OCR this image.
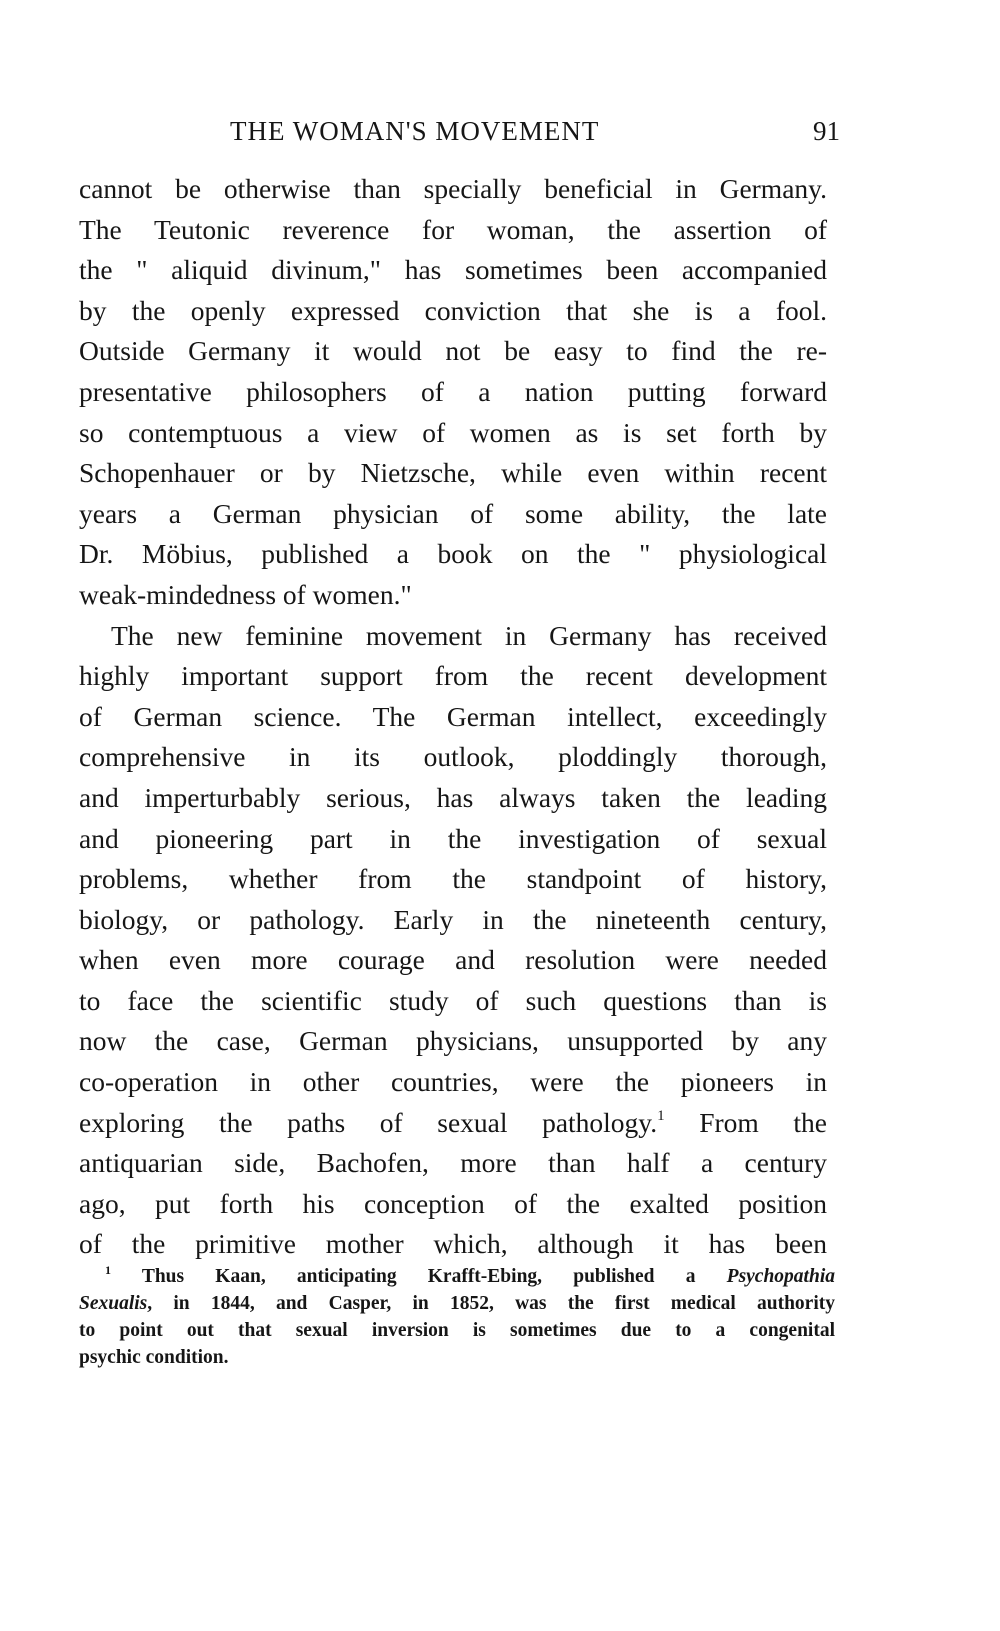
THE WOMAN'S MOVEMENT	91
cannot be otherwise than specially beneficial in Germany.
The Teutonic reverence for woman, the assertion of
the " aliquid divinum," has sometimes been accompanied
by the openly expressed conviction that she is a fool.
Outside Germany it would not be easy to find the re-
presentative philosophers of a nation putting forward
so contemptuous a view of women as is set forth by
Schopenhauer or by Nietzsche, while even within recent
years a German physician of some ability, the late
Dr. Möbius, published a book on the " physiological
weak-mindedness of women."
The new feminine movement in Germany has received
highly important support from the recent development
of German science. The German intellect, exceedingly
comprehensive in its outlook, ploddingly thorough,
and imperturbably serious, has always taken the leading
and pioneering part in the investigation of sexual
problems, whether from the standpoint of history,
biology, or pathology. Early in the nineteenth century,
when even more courage and resolution were needed
to face the scientific study of such questions than is
now the case, German physicians, unsupported by any
co-operation in other countries, were the pioneers in
exploring the paths of sexual pathology.$^1$ From the
antiquarian side, Bachofen, more than half a century
ago, put forth his conception of the exalted position
of the primitive mother which, although it has been
$^1$ Thus Kaan, anticipating Krafft-Ebing, published a Psychopathia
Sexualis, in 1844, and Casper, in 1852, was the first medical authority
to point out that sexual inversion is sometimes due to a congenital
psychic condition.
